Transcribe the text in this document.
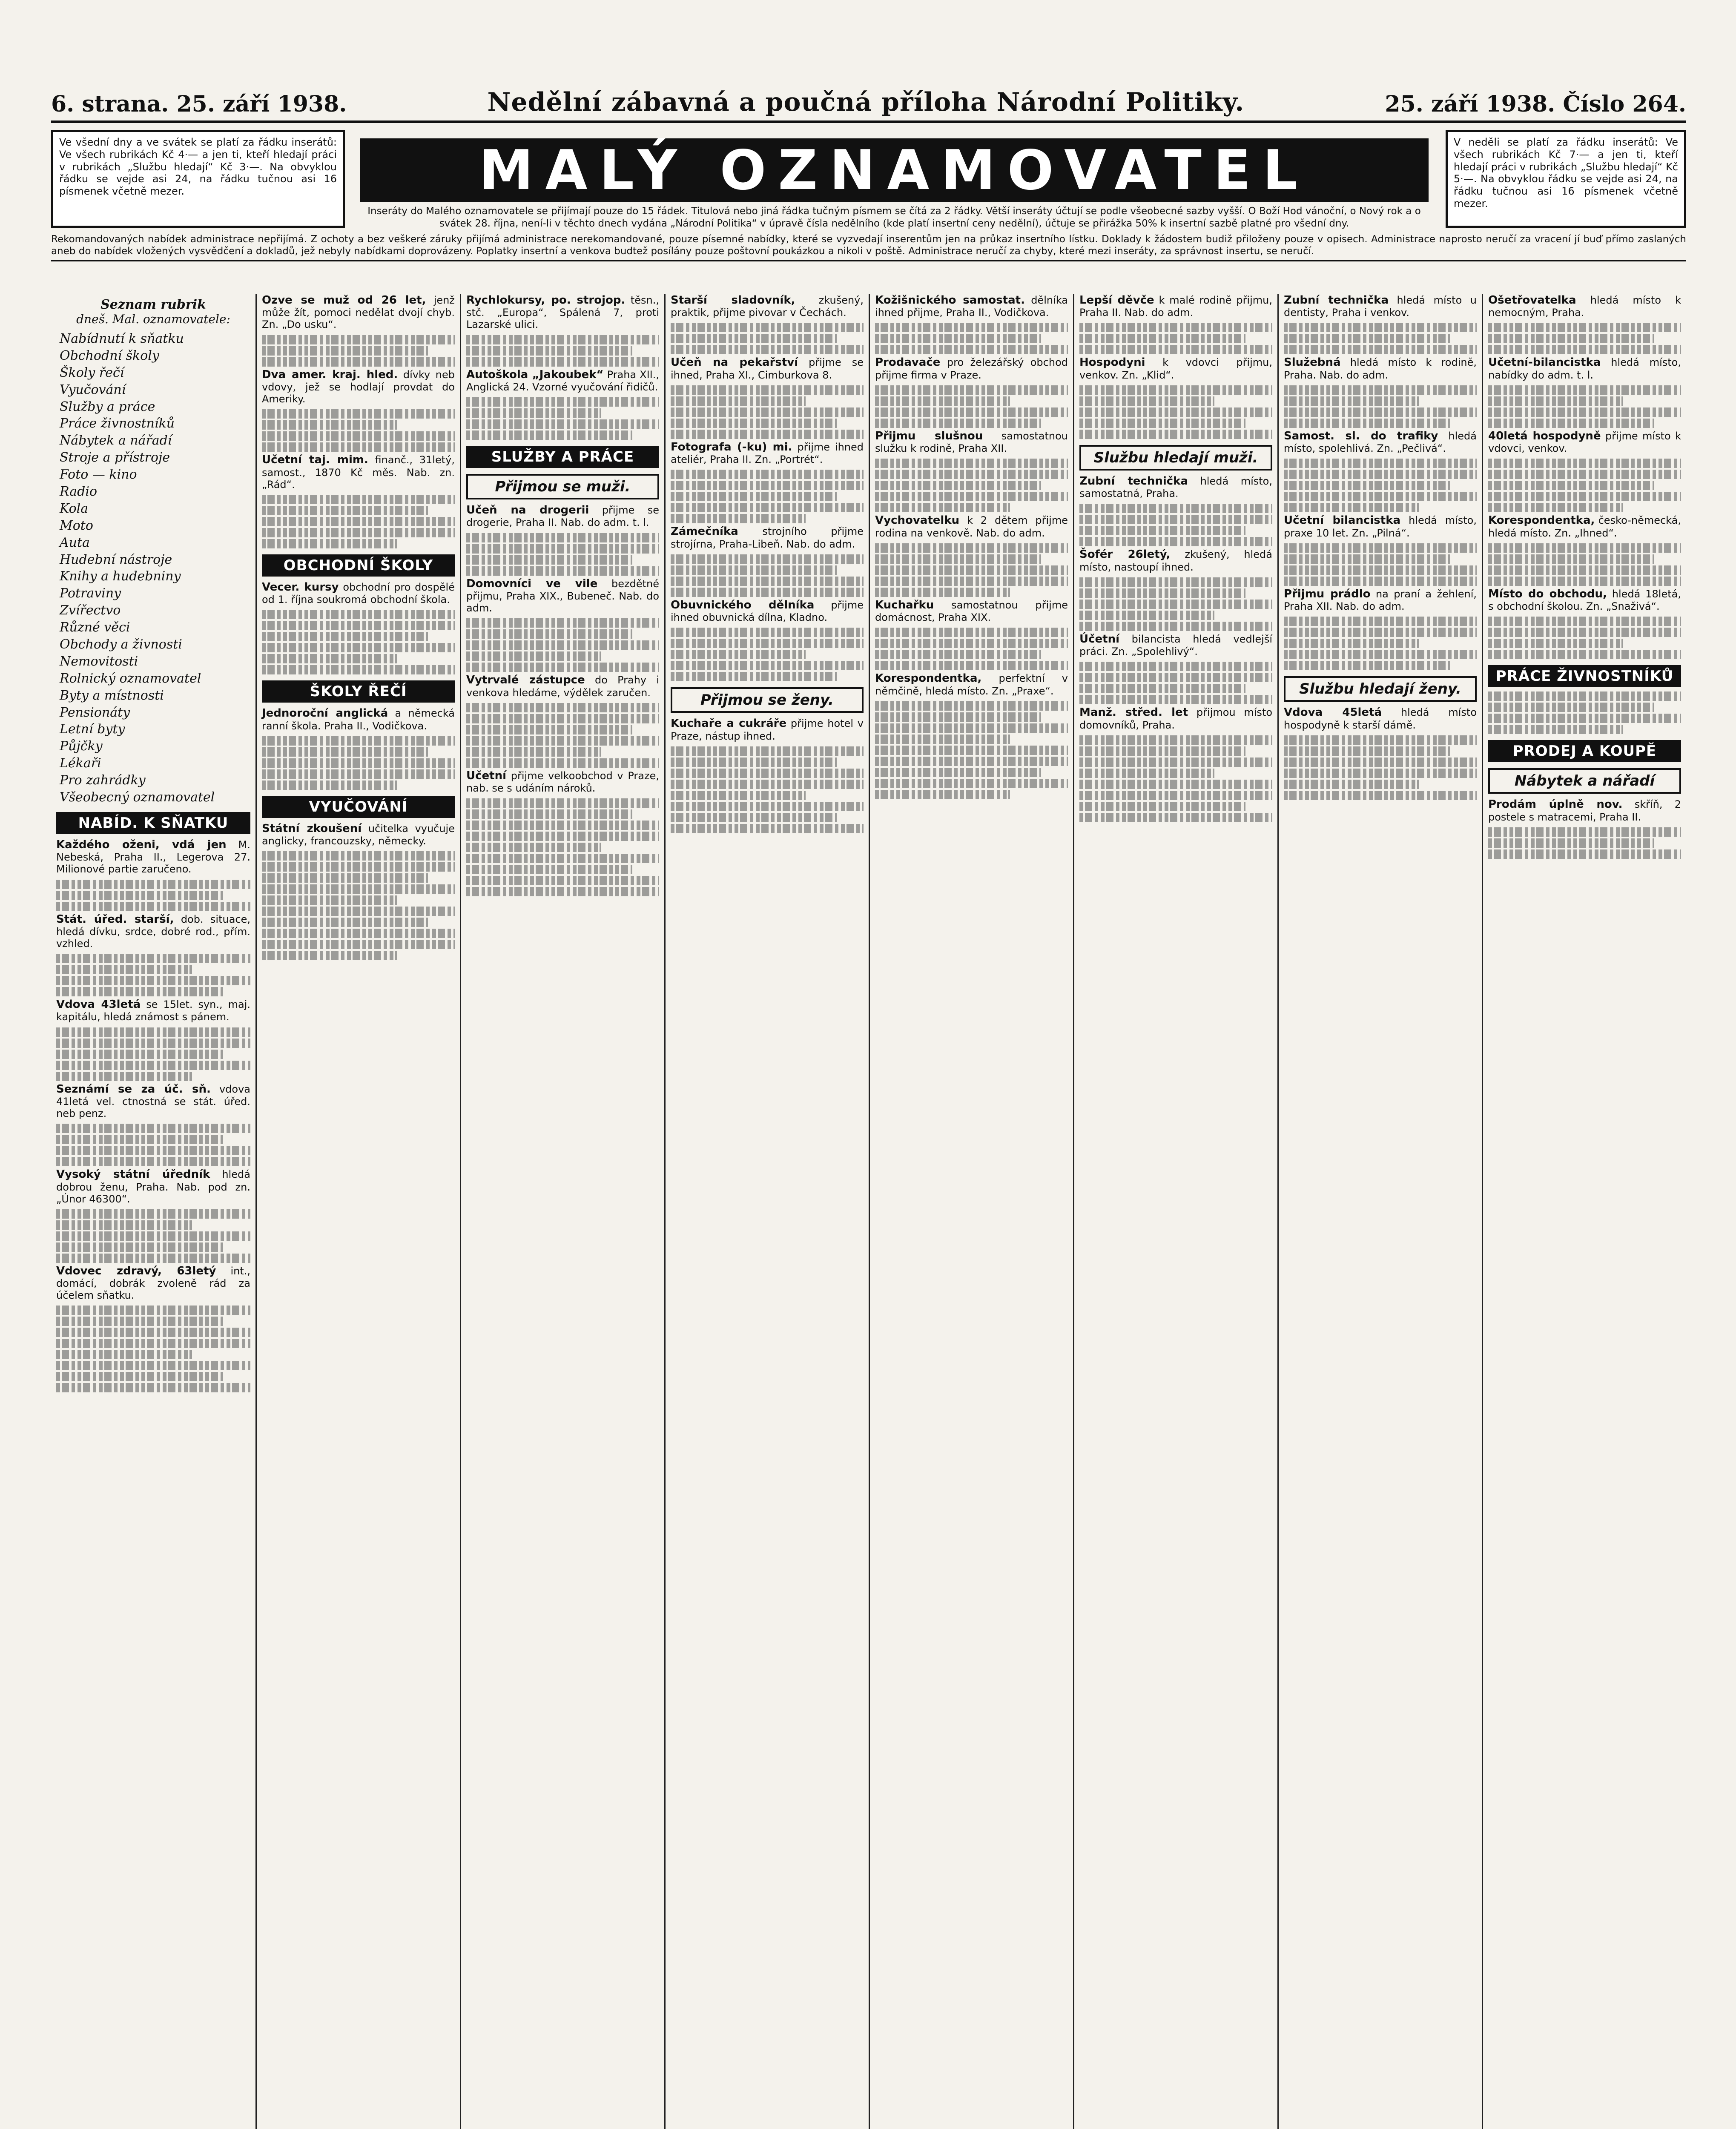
6. strana. 25. září 1938.	Nedělní zábavná a poučná příloha Národní Politiky.	25. září 1938. Číslo 264.
Ve všední dny a ve svátek se platí za řádku inserátů: Ve všech rubrikách Kč 4·— a jen ti, kteří hledají práci v rubrikách „Službu hledají“ Kč 3·—. Na obvyklou řádku se vejde asi 24, na řádku tučnou asi 16 písmenek včetně mezer.	MALÝ OZNAMOVATEL
Inseráty do Malého oznamovatele se přijímají pouze do 15 řádek. Titulová nebo jiná řádka tučným písmem se čítá za 2 řádky. Větší inseráty účtují se podle všeobecné sazby vyšší. O Boží Hod vánoční, o Nový rok a o svátek 28. října, není-li v těchto dnech vydána „Národní Politika“ v úpravě čísla nedělního (kde platí insertní ceny nedělní), účtuje se přirážka 50% k insertní sazbě platné pro všední dny.
V neděli se platí za řádku inserátů: Ve všech rubrikách Kč 7·— a jen ti, kteří hledají práci v rubrikách „Službu hledají“ Kč 5·—. Na obvyklou řádku se vejde asi 24, na řádku tučnou asi 16 písmenek včetně mezer.
Rekomandovaných nabídek administrace nepřijímá. Z ochoty a bez veškeré záruky přijímá administrace nerekomandované, pouze písemné nabídky, které se vyzvedají inserentům jen na průkaz insertního lístku. Doklady k žádostem budiž přiloženy pouze v opisech. Administrace naprosto neručí za vracení jí buď přímo zaslaných aneb do nabídek vložených vysvědčení a dokladů, jež nebyly nabídkami doprovázeny. Poplatky insertní a venkova budtež posílány pouze poštovní poukázkou a nikoli v poště. Administrace neručí za chyby, které mezi inseráty, za správnost insertu, se neručí.
Seznam rubrik
dneš. Mal. oznamovatele:
Nabídnutí k sňatku
Obchodní školy
Školy řečí
Vyučování
Služby a práce
Práce živnostníků
Nábytek a nářadí
Stroje a přístroje
Foto — kino
Radio
Kola
Moto
Auta
Hudební nástroje
Knihy a hudebniny
Potraviny
Zvířectvo
Různé věci
Obchody a živnosti
Nemovitosti
Rolnický oznamovatel
Byty a místnosti
Pensionáty
Letní byty
Půjčky
Lékaři
Pro zahrádky
Všeobecný oznamovatel
NABÍD. K SŇATKU
Každého oženi, vdá jen M. Nebeská, Praha II., Legerova 27. Milionové partie zaručeno.
Stát. úřed. starší, dob. situace, hledá dívku, srdce, dobré rod., přím. vzhled.
Vdova 43letá se 15let. syn., maj. kapitálu, hledá známost s pánem.
Seznámí se za úč. sň. vdova 41letá vel. ctnostná se stát. úřed. neb penz.
Vysoký státní úředník hledá dobrou ženu, Praha. Nab. pod zn. „Únor 46300“.
Vdovec zdravý, 63letý int., domácí, dobrák zvoleně rád za účelem sňatku.
Ozve se muž od 26 let, jenž může žít, pomoci nedělat dvojí chyb. Zn. „Do usku“.
Dva amer. kraj. hled. dívky neb vdovy, jež se hodlají provdat do Ameriky.
Učetní taj. mim. finanč., 31letý, samost., 1870 Kč měs. Nab. zn. „Rád“.
OBCHODNÍ ŠKOLY
Vecer. kursy obchodní pro dospělé od 1. října soukromá obchodní škola.
ŠKOLY ŘEČÍ
Jednoroční anglická a německá ranní škola. Praha II., Vodičkova.
VYUČOVÁNÍ
Státní zkoušení učitelka vyučuje anglicky, francouzsky, německy.
Rychlokursy, po. strojop. těsn., stč. „Europa“, Spálená 7, proti Lazarské ulici.
Autoškola „Jakoubek“ Praha XII., Anglická 24. Vzorné vyučování řidičů.
SLUŽBY A PRÁCE
Přijmou se muži.
Učeň na drogerii přijme se drogerie, Praha II. Nab. do adm. t. l.
Domovníci ve vile bezdětné přijmu, Praha XIX., Bubeneč. Nab. do adm.
Vytrvalé zástupce do Prahy i venkova hledáme, výdělek zaručen.
Učetní přijme velkoobchod v Praze, nab. se s udáním nároků.
Starší sladovník, zkušený, praktik, přijme pivovar v Čechách.
Učeň na pekařství přijme se ihned, Praha XI., Cimburkova 8.
Fotografa (-ku) mi. přijme ihned ateliér, Praha II. Zn. „Portrét“.
Zámečníka strojního přijme strojírna, Praha-Libeň. Nab. do adm.
Obuvnického dělníka přijme ihned obuvnická dílna, Kladno.
Přijmou se ženy.
Kuchaře a cukráře přijme hotel v Praze, nástup ihned.
Kožišnického samostat. dělníka ihned přijme, Praha II., Vodičkova.
Prodavače pro železářský obchod přijme firma v Praze.
Přijmu slušnou samostatnou služku k rodině, Praha XII.
Vychovatelku k 2 dětem přijme rodina na venkově. Nab. do adm.
Kuchařku samostatnou přijme domácnost, Praha XIX.
Korespondentka, perfektní v němčině, hledá místo. Zn. „Praxe“.
Lepší děvče k malé rodině přijmu, Praha II. Nab. do adm.
Hospodyni k vdovci přijmu, venkov. Zn. „Klid“.
Službu hledají muži.
Zubní technička hledá místo, samostatná, Praha.
Šofér 26letý, zkušený, hledá místo, nastoupí ihned.
Účetní bilancista hledá vedlejší práci. Zn. „Spolehlivý“.
Manž. střed. let přijmou místo domovníků, Praha.
Zubní technička hledá místo u dentisty, Praha i venkov.
Služebná hledá místo k rodině, Praha. Nab. do adm.
Samost. sl. do trafiky hledá místo, spolehlivá. Zn. „Pečlivá“.
Učetní bilancistka hledá místo, praxe 10 let. Zn. „Pilná“.
Přijmu prádlo na praní a žehlení, Praha XII. Nab. do adm.
Službu hledají ženy.
Vdova 45letá hledá místo hospodyně k starší dámě.
Ošetřovatelka hledá místo k nemocným, Praha.
Učetní-bilancistka hledá místo, nabídky do adm. t. l.
40letá hospodyně přijme místo k vdovci, venkov.
Korespondentka, česko-německá, hledá místo. Zn. „Ihned“.
Místo do obchodu, hledá 18letá, s obchodní školou. Zn. „Snaživá“.
PRÁCE ŽIVNOSTNÍKŮ
PRODEJ A KOUPĚ
Nábytek a nářadí
Prodám úplně nov. skříň, 2 postele s matracemi, Praha II.
